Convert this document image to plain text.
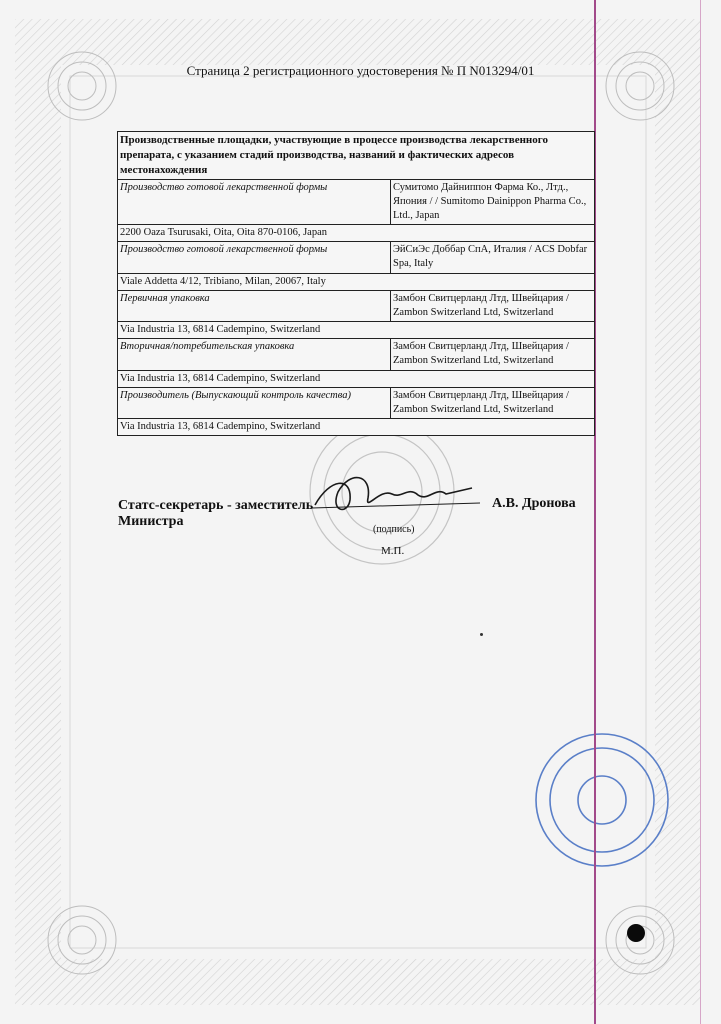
Страница 2 регистрационного удостоверения № П N013294/01
Производственные площадки, участвующие в процессе производства лекарственного препарата, с указанием стадий производства, названий и фактических адресов местонахождения	
Производство готовой лекарственной формы	Сумитомо Дайниппон Фарма Ко., Лтд., Япония / / Sumitomo Dainippon Pharma Co., Ltd., Japan
2200 Oaza Tsurusaki, Oita, Oita 870-0106, Japan	
Производство готовой лекарственной формы	ЭйСиЭс Доббар СпА, Италия / ACS Dobfar Spa, Italy
Viale Addetta 4/12, Tribiano, Milan, 20067, Italy	
Первичная упаковка	Замбон Свитцерланд Лтд, Швейцария / Zambon Switzerland Ltd, Switzerland
Via Industria 13, 6814 Cadempino, Switzerland	
Вторичная/потребительская упаковка	Замбон Свитцерланд Лтд, Швейцария / Zambon Switzerland Ltd, Switzerland
Via Industria 13, 6814 Cadempino, Switzerland	
Производитель (Выпускающий контроль качества)	Замбон Свитцерланд Лтд, Швейцария / Zambon Switzerland Ltd, Switzerland
Via Industria 13, 6814 Cadempino, Switzerland	
Статс-секретарь - заместитель
Министра
А.В. Дронова
(подпись)
М.П.
